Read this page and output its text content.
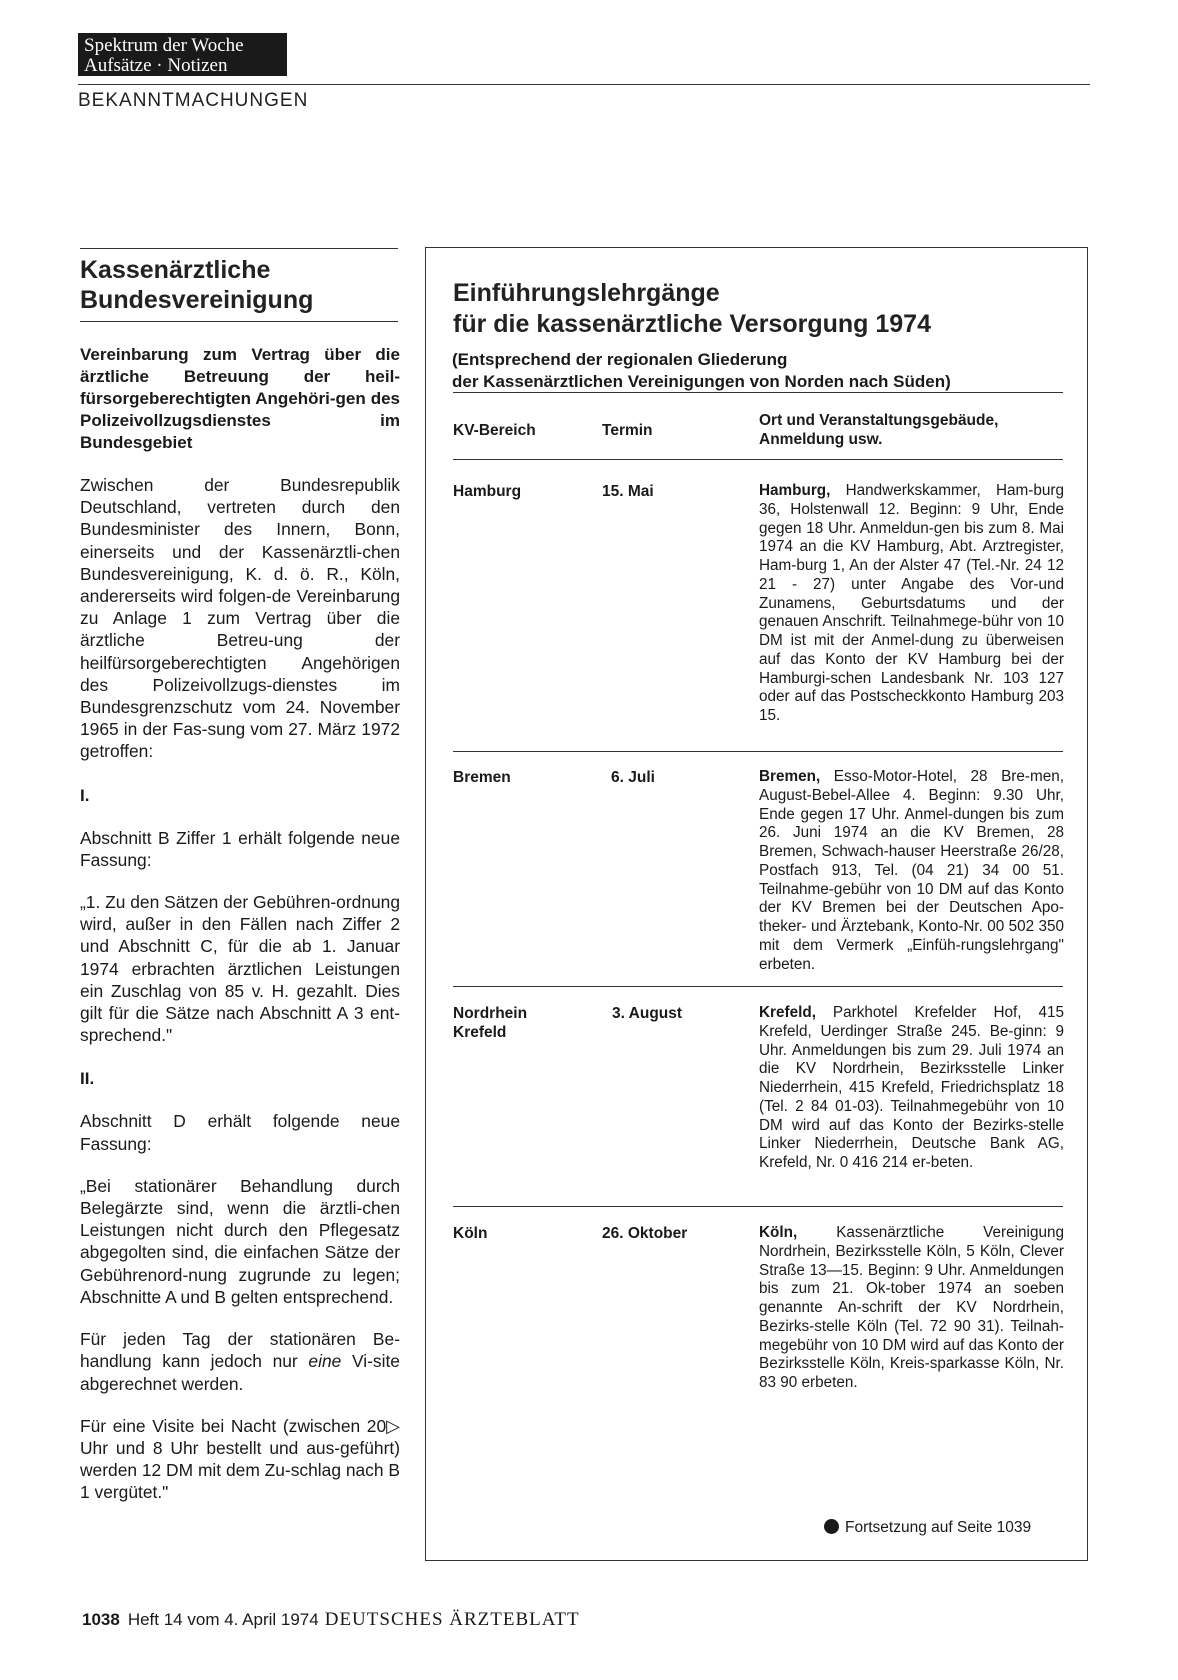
Spektrum der Woche
Aufsätze · Notizen
BEKANNTMACHUNGEN
Kassenärztliche
Bundesvereinigung
Vereinbarung zum Vertrag über die ärztliche Betreuung der heil-fürsorgeberechtigten Angehöri-gen des Polizeivollzugsdienstes im Bundesgebiet
Zwischen der Bundesrepublik Deutschland, vertreten durch den Bundesminister des Innern, Bonn, einerseits und der Kassenärztli-chen Bundesvereinigung, K. d. ö. R., Köln, andererseits wird folgen-de Vereinbarung zu Anlage 1 zum Vertrag über die ärztliche Betreu-ung der heilfürsorgeberechtigten Angehörigen des Polizeivollzugs-dienstes im Bundesgrenzschutz vom 24. November 1965 in der Fas-sung vom 27. März 1972 getroffen:
I.
Abschnitt B Ziffer 1 erhält folgende neue Fassung:
„1. Zu den Sätzen der Gebühren-ordnung wird, außer in den Fällen nach Ziffer 2 und Abschnitt C, für die ab 1. Januar 1974 erbrachten ärztlichen Leistungen ein Zuschlag von 85 v. H. gezahlt. Dies gilt für die Sätze nach Abschnitt A 3 ent-sprechend."
II.
Abschnitt D erhält folgende neue Fassung:
„Bei stationärer Behandlung durch Belegärzte sind, wenn die ärztli-chen Leistungen nicht durch den Pflegesatz abgegolten sind, die einfachen Sätze der Gebührenord-nung zugrunde zu legen; Abschnitte A und B gelten entsprechend.
Für jeden Tag der stationären Be-handlung kann jedoch nur eine Vi-site abgerechnet werden.
▷
Für eine Visite bei Nacht (zwischen 20 Uhr und 8 Uhr bestellt und aus-geführt) werden 12 DM mit dem Zu-schlag nach B 1 vergütet."
Einführungslehrgänge
für die kassenärztliche Versorgung 1974
(Entsprechend der regionalen Gliederung
der Kassenärztlichen Vereinigungen von Norden nach Süden)
KV-Bereich	Termin
Ort und Veranstaltungsgebäude,
Anmeldung usw.
Hamburg	15. Mai	Hamburg, Handwerkskammer, Ham-burg 36, Holstenwall 12. Beginn: 9 Uhr, Ende gegen 18 Uhr. Anmeldun-gen bis zum 8. Mai 1974 an die KV Hamburg, Abt. Arztregister, Ham-burg 1, An der Alster 47 (Tel.-Nr. 24 12 21 - 27) unter Angabe des Vor-und Zunamens, Geburtsdatums und der genauen Anschrift. Teilnahmege-bühr von 10 DM ist mit der Anmel-dung zu überweisen auf das Konto der KV Hamburg bei der Hamburgi-schen Landesbank Nr. 103 127 oder auf das Postscheckkonto Hamburg 203 15.
Bremen	6. Juli	Bremen, Esso-Motor-Hotel, 28 Bre-men, August-Bebel-Allee 4. Beginn: 9.30 Uhr, Ende gegen 17 Uhr. Anmel-dungen bis zum 26. Juni 1974 an die KV Bremen, 28 Bremen, Schwach-hauser Heerstraße 26/28, Postfach 913, Tel. (04 21) 34 00 51. Teilnahme-gebühr von 10 DM auf das Konto der KV Bremen bei der Deutschen Apo-theker- und Ärztebank, Konto-Nr. 00 502 350 mit dem Vermerk „Einfüh-rungslehrgang" erbeten.
Nordrhein
Krefeld
3. August	Krefeld, Parkhotel Krefelder Hof, 415 Krefeld, Uerdinger Straße 245. Be-ginn: 9 Uhr. Anmeldungen bis zum 29. Juli 1974 an die KV Nordrhein, Bezirksstelle Linker Niederrhein, 415 Krefeld, Friedrichsplatz 18 (Tel. 2 84 01-03). Teilnahmegebühr von 10 DM wird auf das Konto der Bezirks-stelle Linker Niederrhein, Deutsche Bank AG, Krefeld, Nr. 0 416 214 er-beten.
Köln	26. Oktober	Köln, Kassenärztliche Vereinigung Nordrhein, Bezirksstelle Köln, 5 Köln, Clever Straße 13—15. Beginn: 9 Uhr. Anmeldungen bis zum 21. Ok-tober 1974 an soeben genannte An-schrift der KV Nordrhein, Bezirks-stelle Köln (Tel. 72 90 31). Teilnah-megebühr von 10 DM wird auf das Konto der Bezirksstelle Köln, Kreis-sparkasse Köln, Nr. 83 90 erbeten.
Fortsetzung auf Seite 1039
1038 Heft 14 vom 4. April 1974 DEUTSCHES ÄRZTEBLATT
